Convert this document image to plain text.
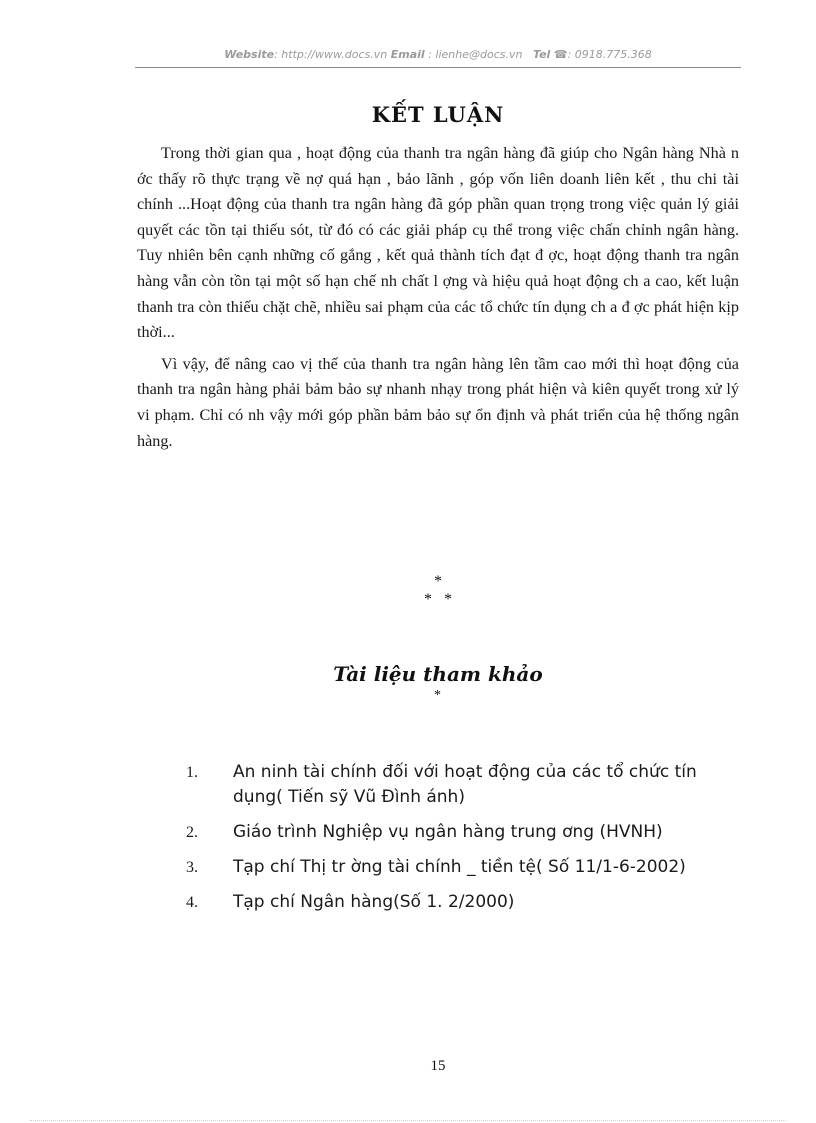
Website: http://www.docs.vn Email : lienhe@docs.vn Tel ☎: 0918.775.368
KẾT LUẬN

Trong thời gian qua , hoạt động của thanh tra ngân hàng đã giúp cho Ngân hàng Nhà n ớc thấy rõ thực trạng về nợ quá hạn , bảo lãnh , góp vốn liên doanh liên kết , thu chi tài chính ...Hoạt động của thanh tra ngân hàng đã góp phần quan trọng trong việc quản lý giải quyết các tồn tại thiếu sót, từ đó có các giải pháp cụ thể trong việc chấn chỉnh ngân hàng. Tuy nhiên bên cạnh những cố gắng , kết quả thành tích đạt đ ợc, hoạt động thanh tra ngân hàng vẫn còn tồn tại một số hạn chế nh chất l ợng và hiệu quả hoạt động ch a cao, kết luận thanh tra còn thiếu chặt chẽ, nhiều sai phạm của các tổ chức tín dụng ch a đ ợc phát hiện kịp thời...

Vì vậy, để nâng cao vị thế của thanh tra ngân hàng lên tầm cao mới thì hoạt động của thanh tra ngân hàng phải bảm bảo sự nhanh nhạy trong phát hiện và kiên quyết trong xử lý vi phạm. Chỉ có nh vậy mới góp phần bảm bảo sự ổn định và phát triển của hệ thống ngân hàng.

*
* *
Tài liệu tham khảo
*
1. An ninh tài chính đối với hoạt động của các tổ chức tín dụng( Tiến sỹ Vũ Đình ánh)
2. Giáo trình Nghiệp vụ ngân hàng trung ơng (HVNH)
3. Tạp chí Thị tr ờng tài chính _ tiền tệ( Số 11/1-6-2002)
4. Tạp chí Ngân hàng(Số 1. 2/2000)
15
